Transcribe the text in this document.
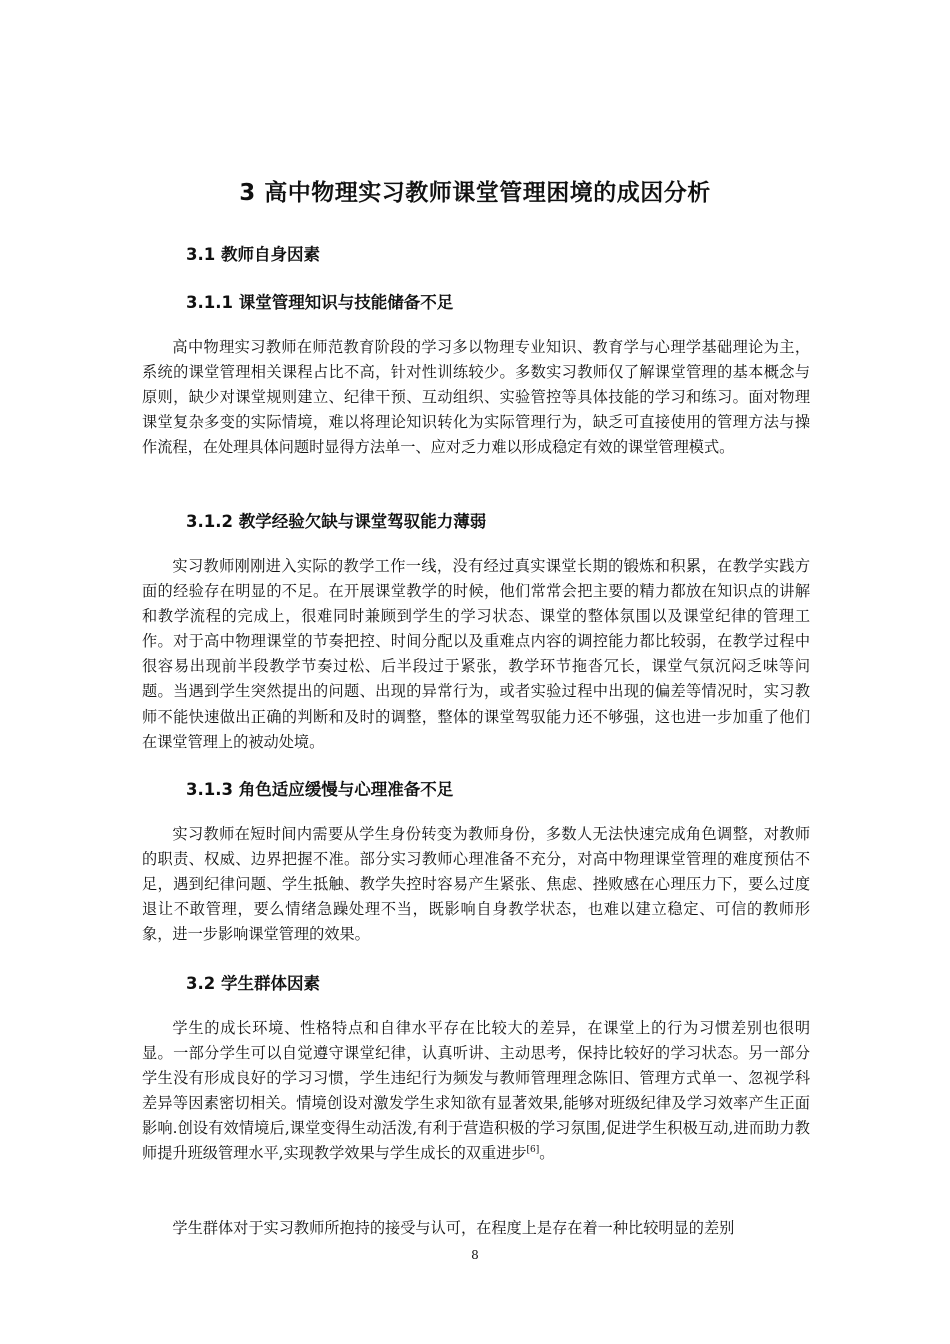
3 高中物理实习教师课堂管理困境的成因分析
3.1 教师自身因素
3.1.1 课堂管理知识与技能储备不足

高中物理实习教师在师范教育阶段的学习多以物理专业知识、教育学与心理学基础理论为主，系统的课堂管理相关课程占比不高，针对性训练较少。多数实习教师仅了解课堂管理的基本概念与原则，缺少对课堂规则建立、纪律干预、互动组织、实验管控等具体技能的学习和练习。面对物理课堂复杂多变的实际情境，难以将理论知识转化为实际管理行为，缺乏可直接使用的管理方法与操作流程，在处理具体问题时显得方法单一、应对乏力难以形成稳定有效的课堂管理模式。

3.1.2 教学经验欠缺与课堂驾驭能力薄弱

实习教师刚刚进入实际的教学工作一线，没有经过真实课堂长期的锻炼和积累，在教学实践方面的经验存在明显的不足。在开展课堂教学的时候，他们常常会把主要的精力都放在知识点的讲解和教学流程的完成上，很难同时兼顾到学生的学习状态、课堂的整体氛围以及课堂纪律的管理工作。对于高中物理课堂的节奏把控、时间分配以及重难点内容的调控能力都比较弱，在教学过程中很容易出现前半段教学节奏过松、后半段过于紧张，教学环节拖沓冗长，课堂气氛沉闷乏味等问题。当遇到学生突然提出的问题、出现的异常行为，或者实验过程中出现的偏差等情况时，实习教师不能快速做出正确的判断和及时的调整，整体的课堂驾驭能力还不够强，这也进一步加重了他们在课堂管理上的被动处境。

3.1.3 角色适应缓慢与心理准备不足

实习教师在短时间内需要从学生身份转变为教师身份，多数人无法快速完成角色调整，对教师的职责、权威、边界把握不准。部分实习教师心理准备不充分，对高中物理课堂管理的难度预估不足，遇到纪律问题、学生抵触、教学失控时容易产生紧张、焦虑、挫败感在心理压力下，要么过度退让不敢管理，要么情绪急躁处理不当，既影响自身教学状态，也难以建立稳定、可信的教师形象，进一步影响课堂管理的效果。

3.2 学生群体因素

学生的成长环境、性格特点和自律水平存在比较大的差异，在课堂上的行为习惯差别也很明显。一部分学生可以自觉遵守课堂纪律，认真听讲、主动思考，保持比较好的学习状态。另一部分学生没有形成良好的学习习惯，学生违纪行为频发与教师管理理念陈旧、管理方式单一、忽视学科差异等因素密切相关。情境创设对激发学生求知欲有显著效果,能够对班级纪律及学习效率产生正面影响.创设有效情境后,课堂变得生动活泼,有利于营造积极的学习氛围,促进学生积极互动,进而助力教师提升班级管理水平,实现教学效果与学生成长的双重进步[6]。

学生群体对于实习教师所抱持的接受与认可，在程度上是存在着一种比较明显的差别

8
